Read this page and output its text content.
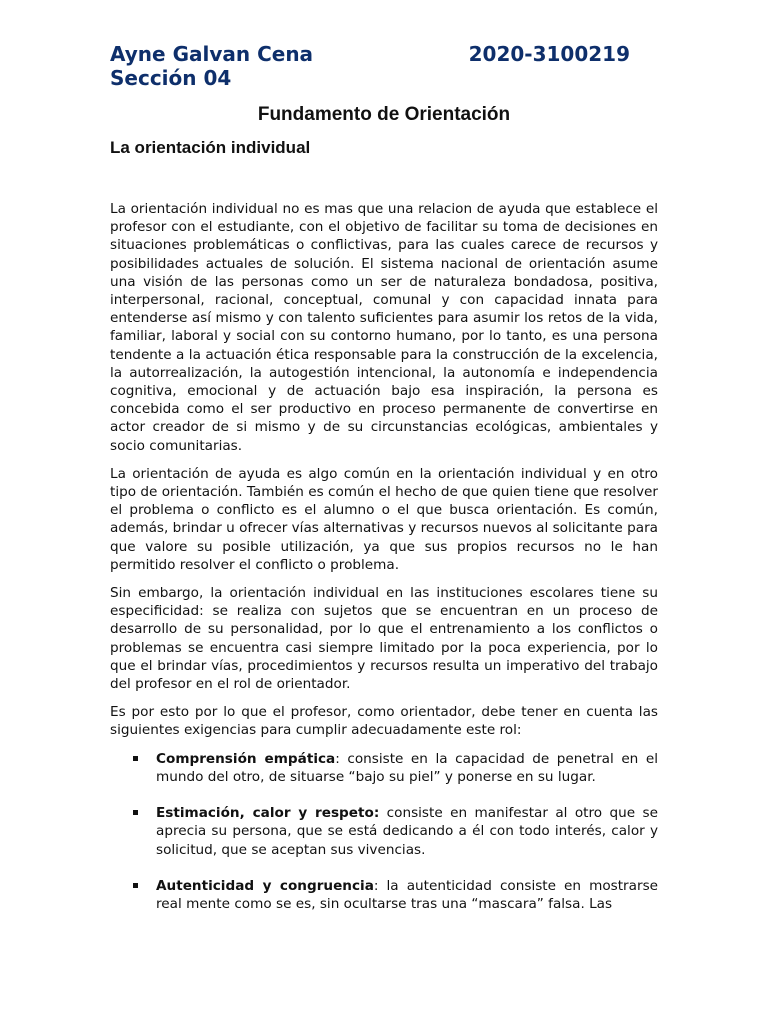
Ayne Galvan Cena	2020-3100219
Sección 04
Fundamento de Orientación
La orientación individual

La orientación individual no es mas que una relacion de ayuda que establece el profesor con el estudiante, con el objetivo de facilitar su toma de decisiones en situaciones problemáticas o conflictivas, para las cuales carece de recursos y posibilidades actuales de solución. El sistema nacional de orientación asume una visión de las personas como un ser de naturaleza bondadosa, positiva, interpersonal, racional, conceptual, comunal y con capacidad innata para entenderse así mismo y con talento suficientes para asumir los retos de la vida, familiar, laboral y social con su contorno humano, por lo tanto, es una persona tendente a la actuación ética responsable para la construcción de la excelencia, la autorrealización, la autogestión intencional, la autonomía e independencia cognitiva, emocional y de actuación bajo esa inspiración, la persona es concebida como el ser productivo en proceso permanente de convertirse en actor creador de si mismo y de su circunstancias ecológicas, ambientales y socio comunitarias.

La orientación de ayuda es algo común en la orientación individual y en otro tipo de orientación. También es común el hecho de que quien tiene que resolver el problema o conflicto es el alumno o el que busca orientación. Es común, además, brindar u ofrecer vías alternativas y recursos nuevos al solicitante para que valore su posible utilización, ya que sus propios recursos no le han permitido resolver el conflicto o problema.

Sin embargo, la orientación individual en las instituciones escolares tiene su especificidad: se realiza con sujetos que se encuentran en un proceso de desarrollo de su personalidad, por lo que el entrenamiento a los conflictos o problemas se encuentra casi siempre limitado por la poca experiencia, por lo que el brindar vías, procedimientos y recursos resulta un imperativo del trabajo del profesor en el rol de orientador.

Es por esto por lo que el profesor, como orientador, debe tener en cuenta las siguientes exigencias para cumplir adecuadamente este rol:

Comprensión empática: consiste en la capacidad de penetral en el mundo del otro, de situarse “bajo su piel” y ponerse en su lugar.
Estimación, calor y respeto: consiste en manifestar al otro que se aprecia su persona, que se está dedicando a él con todo interés, calor y solicitud, que se aceptan sus vivencias.
Autenticidad y congruencia: la autenticidad consiste en mostrarse real mente como se es, sin ocultarse tras una “mascara” falsa. Las
